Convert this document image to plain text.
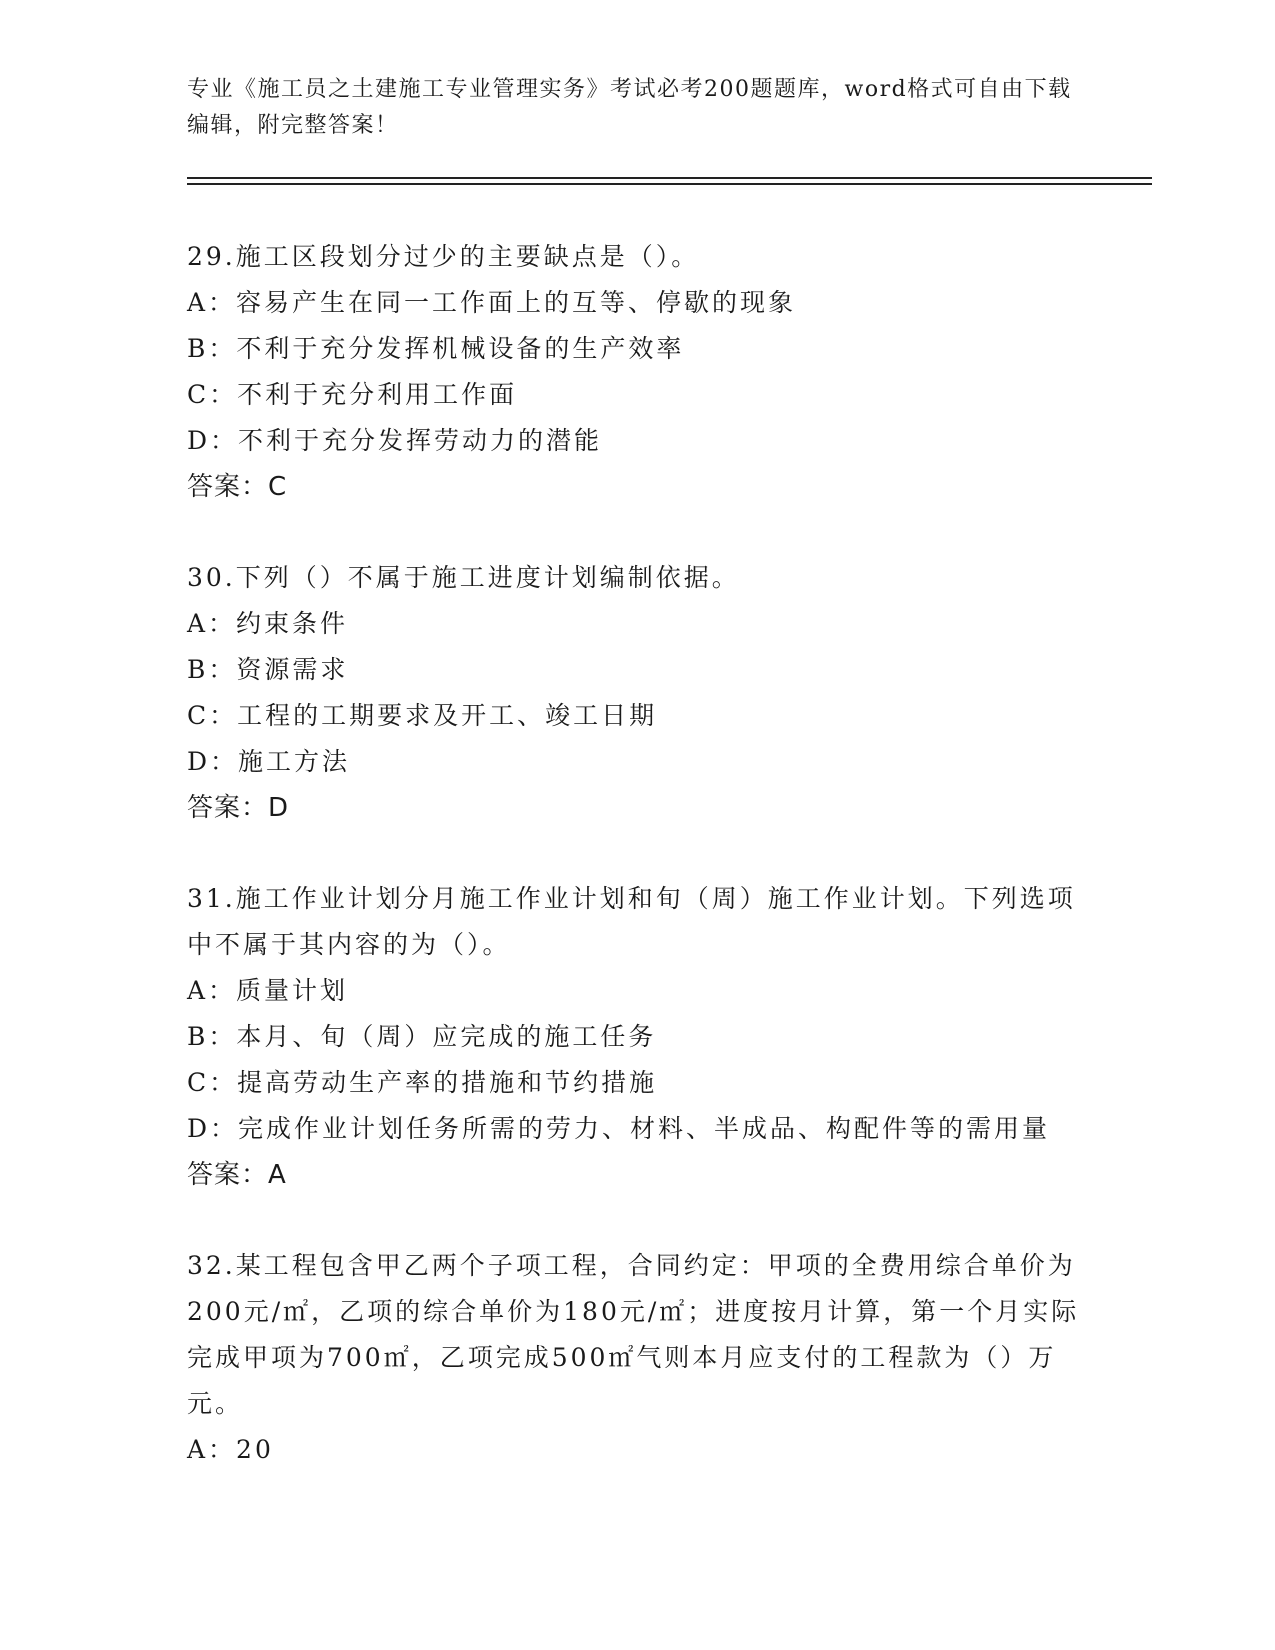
专业《施工员之土建施工专业管理实务》考试必考200题题库，word格式可自由下载编辑，附完整答案！
29.施工区段划分过少的主要缺点是（）。
A：容易产生在同一工作面上的互等、停歇的现象
B：不利于充分发挥机械设备的生产效率
C：不利于充分利用工作面
D：不利于充分发挥劳动力的潜能
答案：C
30.下列（）不属于施工进度计划编制依据。
A：约束条件
B：资源需求
C：工程的工期要求及开工、竣工日期
D：施工方法
答案：D
31.施工作业计划分月施工作业计划和旬（周）施工作业计划。下列选项中不属于其内容的为（）。
A：质量计划
B：本月、旬（周）应完成的施工任务
C：提高劳动生产率的措施和节约措施
D：完成作业计划任务所需的劳力、材料、半成品、构配件等的需用量
答案：A
32.某工程包含甲乙两个子项工程，合同约定：甲项的全费用综合单价为200元/㎡，乙项的综合单价为180元/㎡；进度按月计算，第一个月实际完成甲项为700㎡，乙项完成500㎡气则本月应支付的工程款为（）万元。
A：20
